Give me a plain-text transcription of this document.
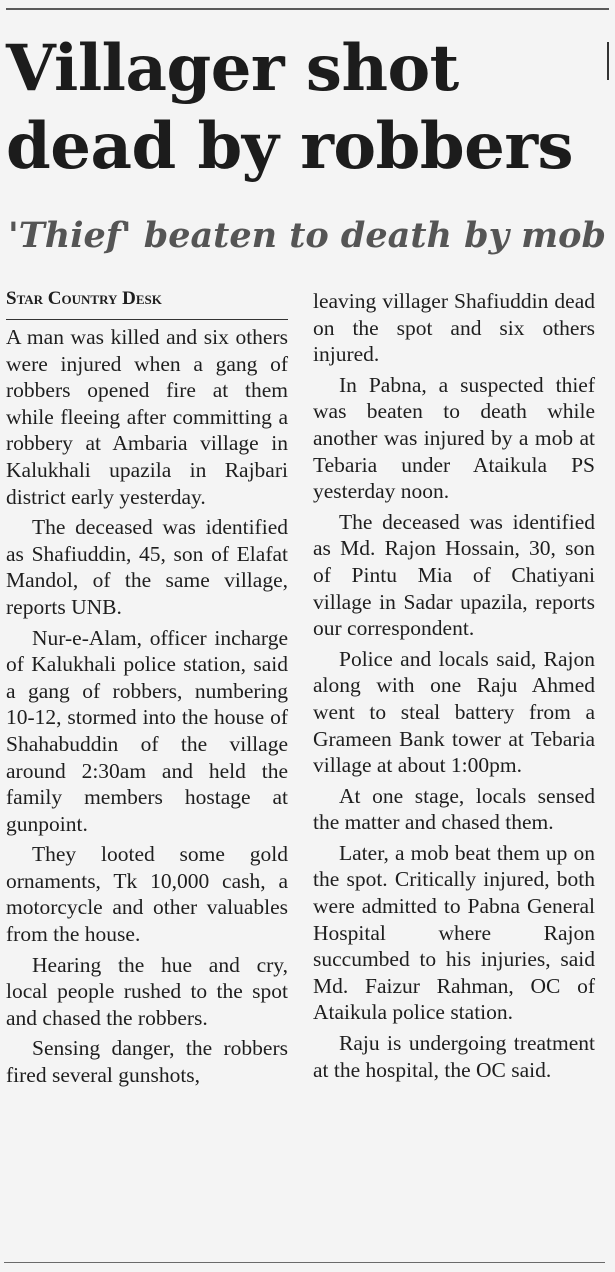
Villager shot dead by robbers
'Thief' beaten to death by mob
Star Country Desk

A man was killed and six others were injured when a gang of robbers opened fire at them while fleeing after committing a robbery at Ambaria village in Kalukhali upazila in Rajbari district early yesterday.

The deceased was identified as Shafiuddin, 45, son of Elafat Mandol, of the same village, reports UNB.

Nur-e-Alam, officer incharge of Kalukhali police station, said a gang of robbers, numbering 10-12, stormed into the house of Shahabuddin of the village around 2:30am and held the family members hostage at gunpoint.

They looted some gold ornaments, Tk 10,000 cash, a motorcycle and other valuables from the house.

Hearing the hue and cry, local people rushed to the spot and chased the robbers.

Sensing danger, the robbers fired several gunshots,

leaving villager Shafiuddin dead on the spot and six others injured.

In Pabna, a suspected thief was beaten to death while another was injured by a mob at Tebaria under Ataikula PS yesterday noon.

The deceased was identified as Md. Rajon Hossain, 30, son of Pintu Mia of Chatiyani village in Sadar upazila, reports our correspondent.

Police and locals said, Rajon along with one Raju Ahmed went to steal battery from a Grameen Bank tower at Tebaria village at about 1:00pm.

At one stage, locals sensed the matter and chased them.

Later, a mob beat them up on the spot. Critically injured, both were admitted to Pabna General Hospital where Rajon succumbed to his injuries, said Md. Faizur Rahman, OC of Ataikula police station.

Raju is undergoing treatment at the hospital, the OC said.
